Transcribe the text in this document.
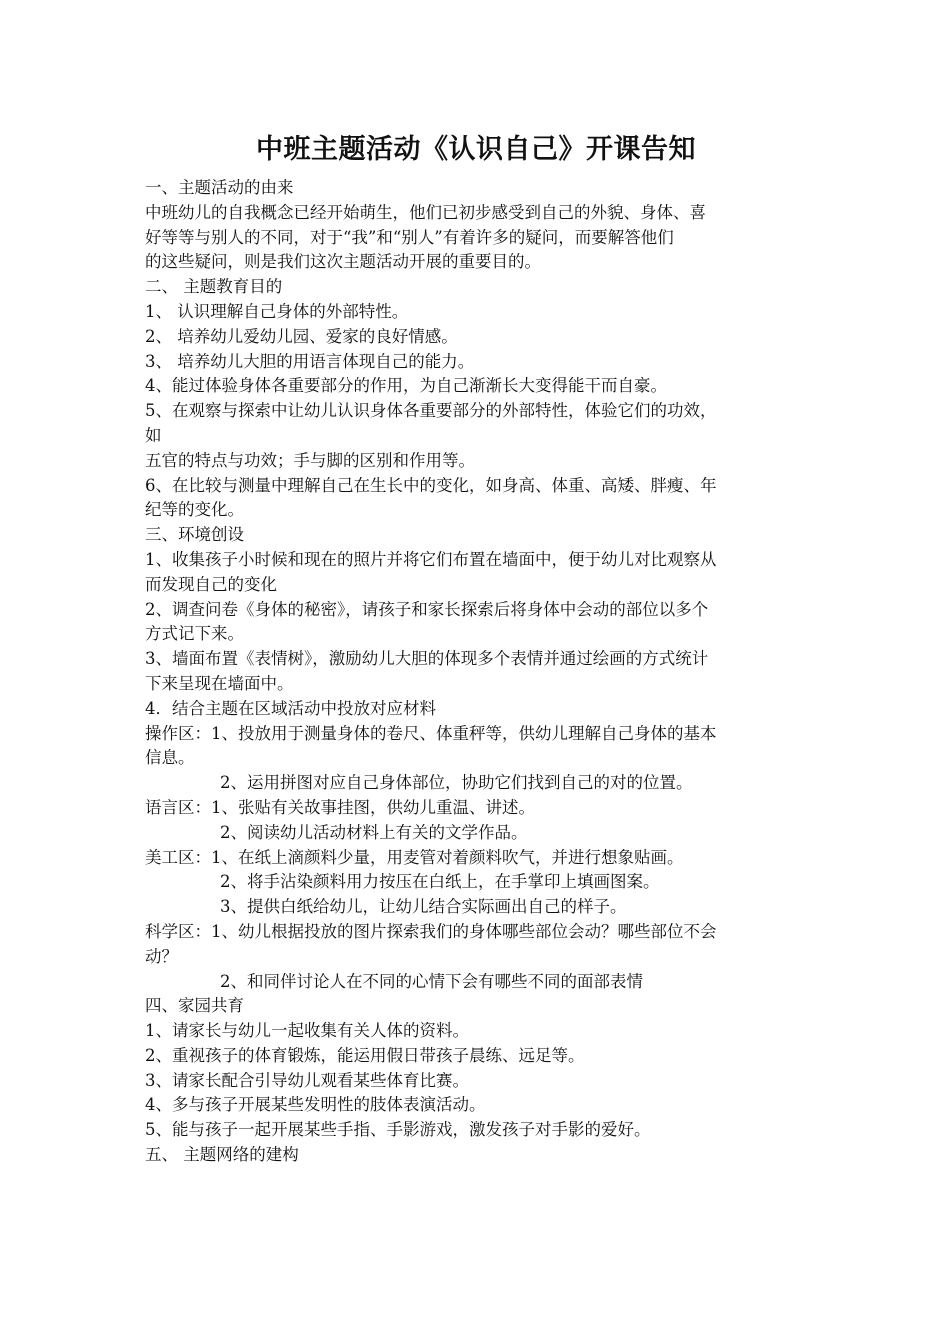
中班主题活动《认识自己》开课告知
一、主题活动的由来
中班幼儿的自我概念已经开始萌生，他们已初步感受到自己的外貌、身体、喜
好等等与别人的不同，对于“我”和“别人”有着许多的疑问，而要解答他们
的这些疑问，则是我们这次主题活动开展的重要目的。
二、 主题教育目的
1、 认识理解自己身体的外部特性。
2、 培养幼儿爱幼儿园、爱家的良好情感。
3、 培养幼儿大胆的用语言体现自己的能力。
4、能过体验身体各重要部分的作用，为自己渐渐长大变得能干而自豪。
5、在观察与探索中让幼儿认识身体各重要部分的外部特性，体验它们的功效，
如
五官的特点与功效；手与脚的区别和作用等。
6、在比较与测量中理解自己在生长中的变化，如身高、体重、高矮、胖瘦、年
纪等的变化。
三、环境创设
1、收集孩子小时候和现在的照片并将它们布置在墙面中，便于幼儿对比观察从
而发现自己的变化
2、调查问卷《身体的秘密》，请孩子和家长探索后将身体中会动的部位以多个
方式记下来。
3、墙面布置《表情树》，激励幼儿大胆的体现多个表情并通过绘画的方式统计
下来呈现在墙面中。
4．结合主题在区域活动中投放对应材料
操作区：1、投放用于测量身体的卷尺、体重秤等，供幼儿理解自己身体的基本
信息。
2、运用拼图对应自己身体部位，协助它们找到自己的对的位置。
语言区：1、张贴有关故事挂图，供幼儿重温、讲述。
2、阅读幼儿活动材料上有关的文学作品。
美工区：1、在纸上滴颜料少量，用麦管对着颜料吹气，并进行想象贴画。
2、将手沾染颜料用力按压在白纸上，在手掌印上填画图案。
3、提供白纸给幼儿，让幼儿结合实际画出自己的样子。
科学区：1、幼儿根据投放的图片探索我们的身体哪些部位会动？哪些部位不会
动？
2、和同伴讨论人在不同的心情下会有哪些不同的面部表情
四、家园共育
1、请家长与幼儿一起收集有关人体的资料。
2、重视孩子的体育锻炼，能运用假日带孩子晨练、远足等。
3、请家长配合引导幼儿观看某些体育比赛。
4、多与孩子开展某些发明性的肢体表演活动。
5、能与孩子一起开展某些手指、手影游戏，激发孩子对手影的爱好。
五、 主题网络的建构
